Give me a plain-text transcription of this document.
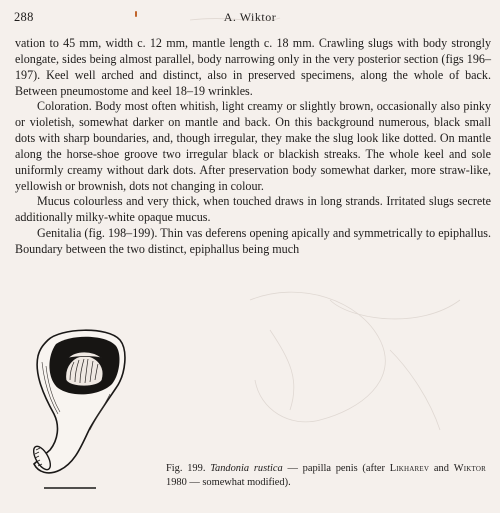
288	A. Wiktor

vation to 45 mm, width c. 12 mm, mantle length c. 18 mm. Crawling slugs with body strongly elongate, sides being almost parallel, body narrowing only in the very posterior section (figs 196–197). Keel well arched and distinct, also in preserved specimens, along the whole of back. Between pneumostome and keel 18–19 wrinkles.

Coloration. Body most often whitish, light creamy or slightly brown, occasionally also pinky or violetish, somewhat darker on mantle and back. On this background numerous, black small dots with sharp boundaries, and, though irregular, they make the slug look like dotted. On mantle along the horse-shoe groove two irregular black or blackish streaks. The whole keel and sole uniformly creamy without dark dots. After preservation body somewhat darker, more straw-like, yellowish or brownish, dots not changing in colour.

Mucus colourless and very thick, when touched draws in long strands. Irritated slugs secrete additionally milky-white opaque mucus.

Genitalia (fig. 198–199). Thin vas deferens opening apically and symmetrically to epiphallus. Boundary between the two distinct, epiphallus being much

Fig. 199. Tandonia rustica — papilla penis (after Likharev and Wiktor 1980 — somewhat modified).
